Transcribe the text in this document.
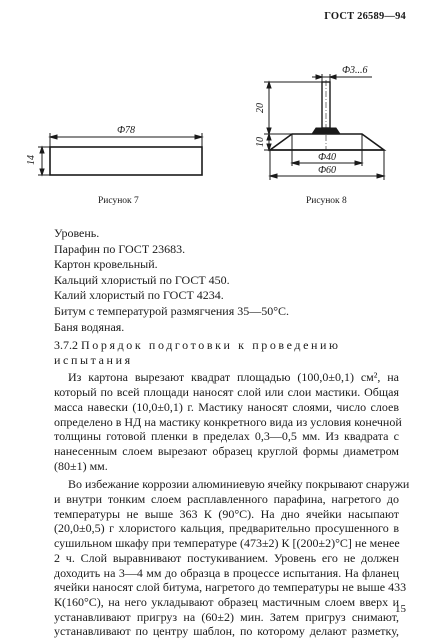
ГОСТ 26589—94
Ф78
14
Ф3...6
20
10
Ф40
Ф60
Рисунок 7	Рисунок 8
Уровень.
Парафин по ГОСТ 23683.
Картон кровельный.
Кальций хлористый по ГОСТ 450.
Калий хлористый по ГОСТ 4234.
Битум с температурой размягчения 35—50°С.
Баня водяная.
3.7.2 Порядок подготовки к проведению
испытания
Из картона вырезают квадрат площадью (100,0±0,1) см², на
который по всей площади наносят слой или слои мастики. Общая
масса навески (10,0±0,1) г. Мастику наносят слоями, число слоев
определено в НД на мастику конкретного вида из условия конечной
толщины готовой пленки в пределах 0,3—0,5 мм. Из квадрата с
нанесенным слоем вырезают образец круглой формы диаметром
(80±1) мм.
Во избежание коррозии алюминиевую ячейку покрывают снаружи
и внутри тонким слоем расплавленного парафина, нагретого до
температуры не выше 363 К (90°С). На дно ячейки насыпают
(20,0±0,5) г хлористого кальция, предварительно просушенного в
сушильном шкафу при температуре (473±2) К [(200±2)°С] не менее
2 ч. Слой выравнивают постукиванием. Уровень его не должен
доходить на 3—4 мм до образца в процессе испытания. На фланец
ячейки наносят слой битума, нагретого до температуры не выше 433
К(160°С), на него укладывают образец мастичным слоем вверх и
устанавливают пригруз на (60±2) мин. Затем пригруз снимают,
устанавливают по центру шаблон, по которому делают разметку,
15
